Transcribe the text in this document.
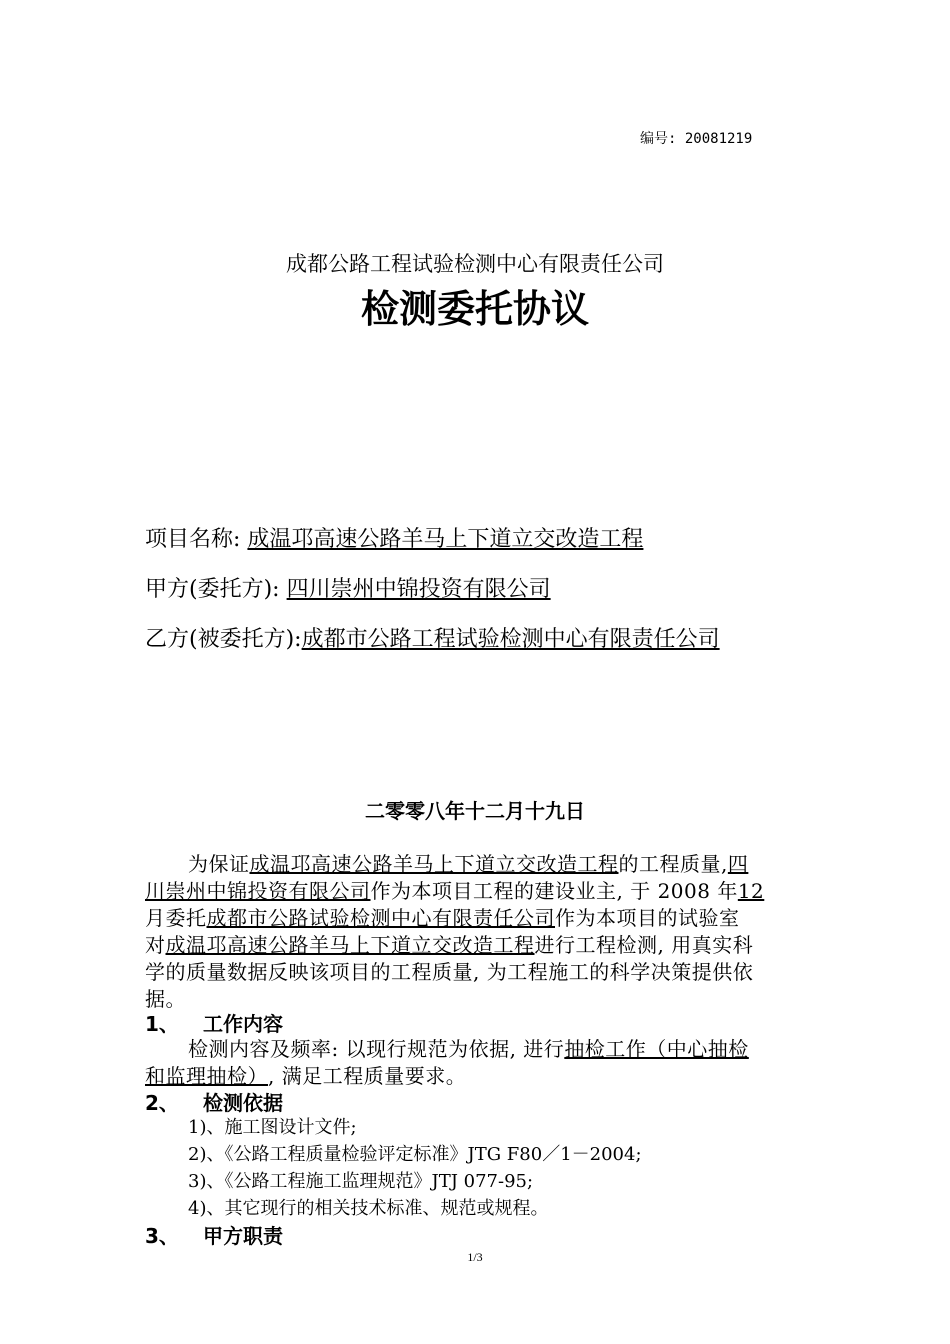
编号: 20081219
成都公路工程试验检测中心有限责任公司
检测委托协议
项目名称: 成温邛高速公路羊马上下道立交改造工程
甲方(委托方): 四川崇州中锦投资有限公司
乙方(被委托方):成都市公路工程试验检测中心有限责任公司
二零零八年十二月十九日
为保证成温邛高速公路羊马上下道立交改造工程的工程质量,四
川崇州中锦投资有限公司作为本项目工程的建设业主, 于 2008 年12
月委托成都市公路试验检测中心有限责任公司作为本项目的试验室
对成温邛高速公路羊马上下道立交改造工程进行工程检测, 用真实科
学的质量数据反映该项目的工程质量, 为工程施工的科学决策提供依
据。
1、 工作内容
检测内容及频率: 以现行规范为依据, 进行抽检工作（中心抽检
和监理抽检）, 满足工程质量要求。
2、 检测依据
1)、施工图设计文件;
2)、《公路工程质量检验评定标准》JTG F80／1－2004;
3)、《公路工程施工监理规范》JTJ 077-95;
4)、其它现行的相关技术标准、规范或规程。
3、 甲方职责
1/3
